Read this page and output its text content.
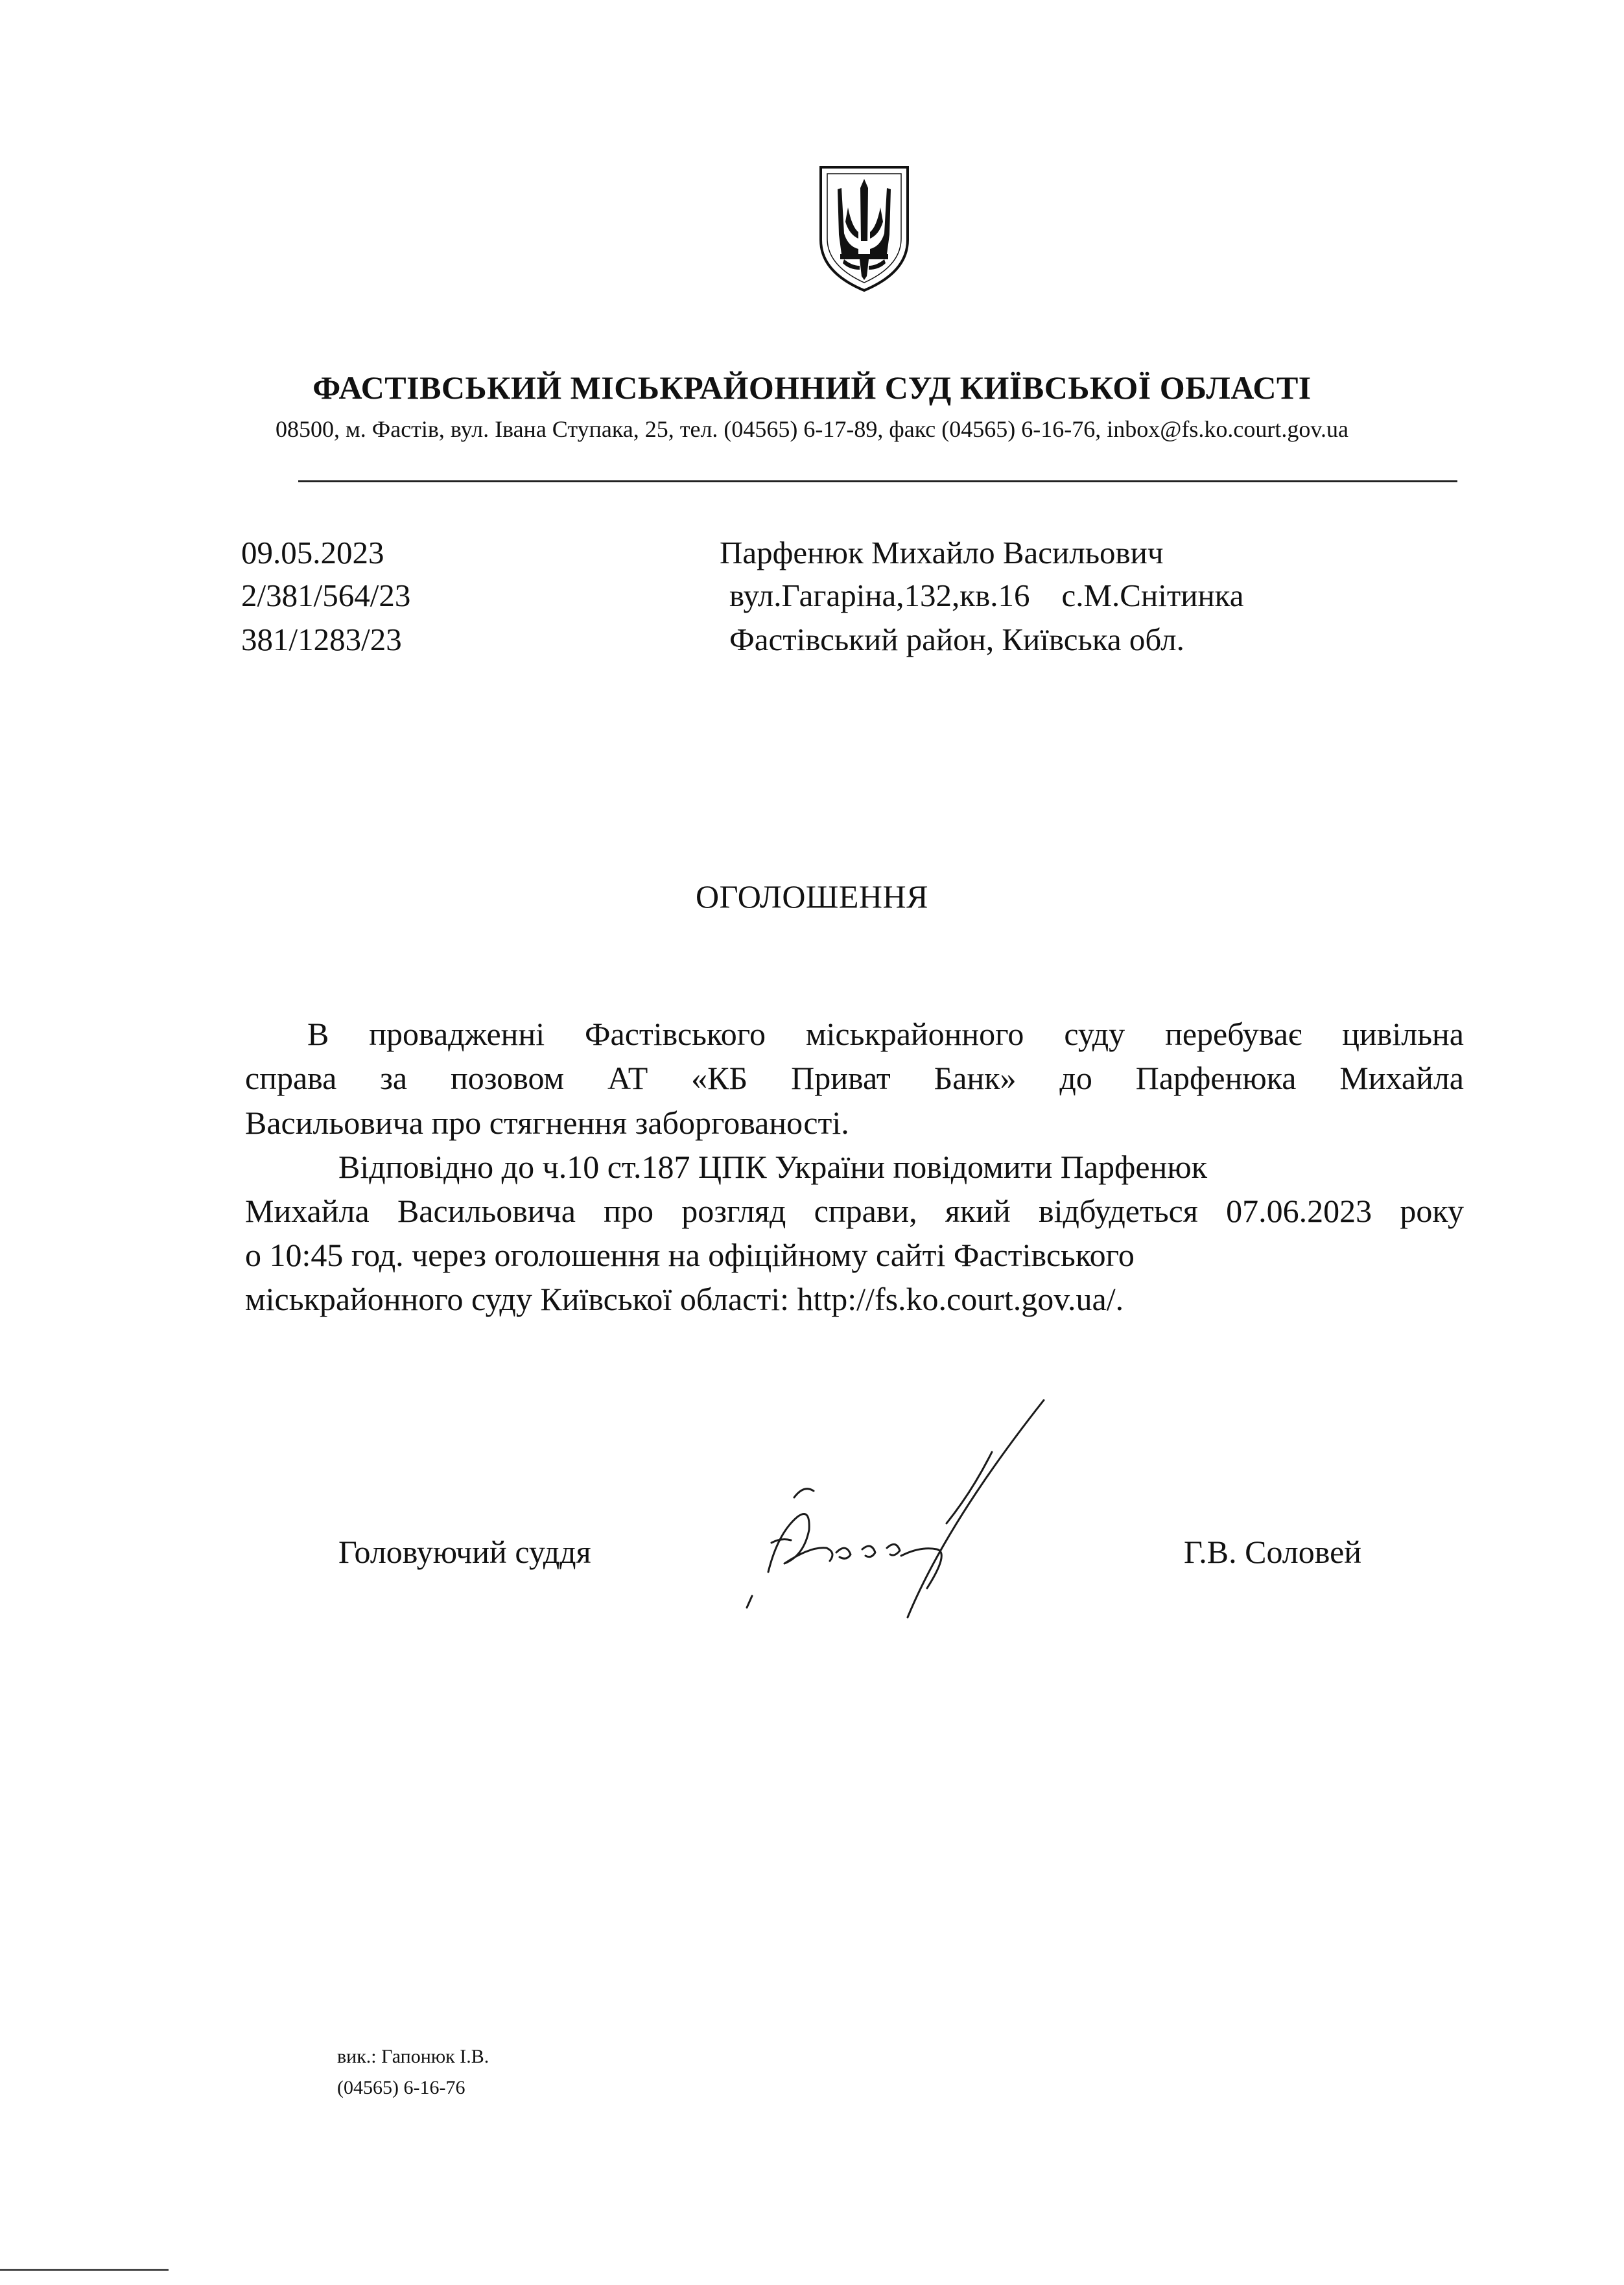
ФАСТІВСЬКИЙ МІСЬКРАЙОННИЙ СУД КИЇВСЬКОЇ ОБЛАСТІ
08500, м. Фастів, вул. Івана Ступака, 25, тел. (04565) 6-17-89, факс (04565) 6-16-76, inbox@fs.ko.court.gov.ua
09.05.2023
2/381/564/23
381/1283/23
Парфенюк Михайло Васильович
вул.Гагаріна,132,кв.16    с.М.Снітинка
Фастівський район, Київська обл.
ОГОЛОШЕННЯ
В провадженні Фастівського міськрайонного суду перебуває цивільна
справа за позовом АТ «КБ Приват Банк» до Парфенюка Михайла
Васильовича про стягнення заборгованості.
Відповідно до ч.10 ст.187 ЦПК України повідомити Парфенюк
Михайла Васильовича про розгляд справи, який відбудеться 07.06.2023 року
о 10:45 год. через оголошення на офіційному сайті Фастівського
міськрайонного суду Київської області: http://fs.ko.court.gov.ua/.
Головуючий суддя	Г.В. Соловей
вик.: Гапонюк І.В.
(04565) 6-16-76
